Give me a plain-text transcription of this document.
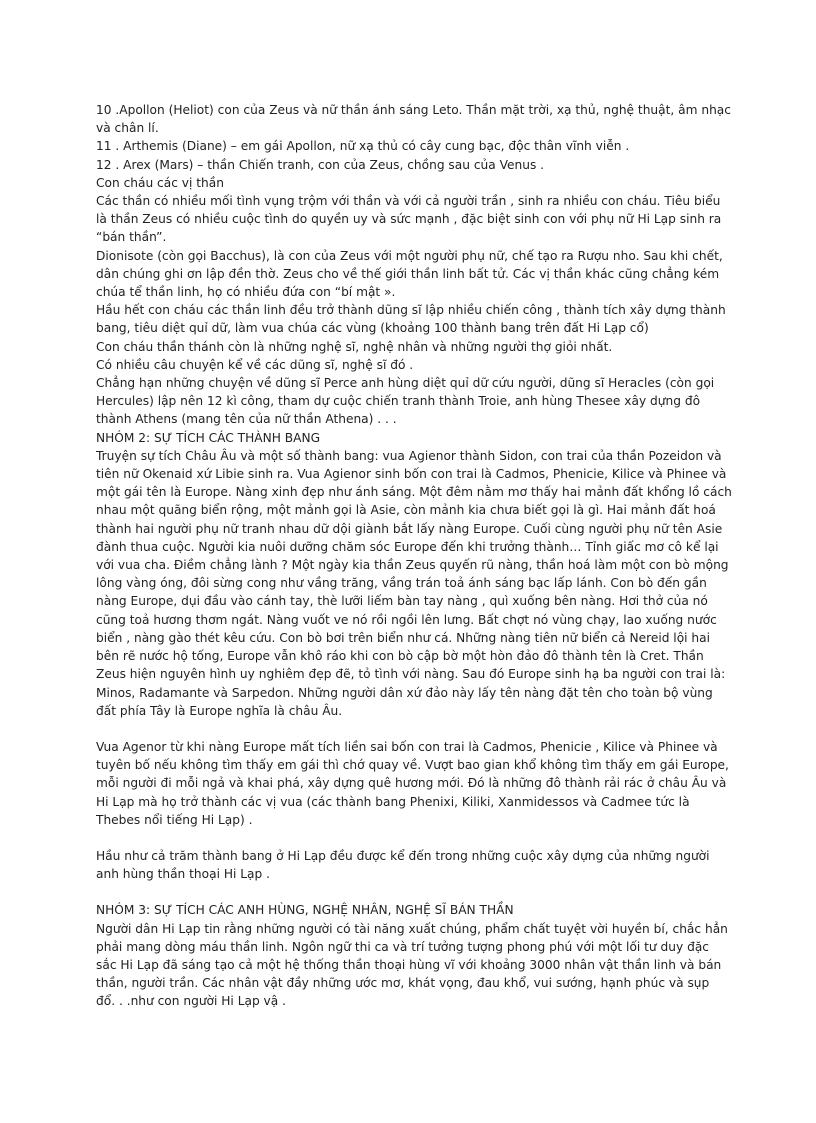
10 .Apollon (Heliot) con của Zeus và nữ thần ánh sáng Leto. Thần mặt trời, xạ thủ, nghệ thuật, âm nhạc và chân lí.

11 . Arthemis (Diane) – em gái Apollon, nữ xạ thủ có cây cung bạc, độc thân vĩnh viễn .

12 . Arex (Mars) – thần Chiến tranh, con của Zeus, chồng sau của Venus .

Con cháu các vị thần

Các thần có nhiều mối tình vụng trộm với thần và với cả người trần , sinh ra nhiều con cháu. Tiêu biểu là thần Zeus có nhiều cuộc tình do quyền uy và sức mạnh , đặc biệt sinh con với phụ nữ Hi Lạp sinh ra “bán thần”.

Dionisote (còn gọi Bacchus), là con của Zeus với một người phụ nữ, chế tạo ra Rượu nho. Sau khi chết, dân chúng ghi ơn lập đền thờ. Zeus cho về thế giới thần linh bất tử. Các vị thần khác cũng chẳng kém chúa tể thần linh, họ có nhiều đứa con “bí mật ».

Hầu hết con cháu các thần linh đều trở thành dũng sĩ lập nhiều chiến công , thành tích xây dựng thành bang, tiêu diệt quỉ dữ, làm vua chúa các vùng (khoảng 100 thành bang trên đất Hi Lạp cổ)

Con cháu thần thánh còn là những nghệ sĩ, nghệ nhân và những người thợ giỏi nhất.

Có nhiều câu chuyện kể về các dũng sĩ, nghệ sĩ đó .

Chẳng hạn những chuyện về dũng sĩ Perce anh hùng diệt quỉ dữ cứu người, dũng sĩ Heracles (còn gọi Hercules) lập nên 12 kì công, tham dự cuộc chiến tranh thành Troie, anh hùng Thesee xây dựng đô thành Athens (mang tên của nữ thần Athena) . . .

NHÓM 2: SỰ TÍCH CÁC THÀNH BANG

Truyện sự tích Châu Âu và một số thành bang: vua Agienor thành Sidon, con trai của thần Pozeidon và tiên nữ Okenaid xứ Libie sinh ra. Vua Agienor sinh bốn con trai là Cadmos, Phenicie, Kilice và Phinee và một gái tên là Europe. Nàng xinh đẹp như ánh sáng. Một đêm nằm mơ thấy hai mảnh đất khổng lồ cách nhau một quãng biển rộng, một mảnh gọi là Asie, còn mảnh kia chưa biết gọi là gì. Hai mảnh đất hoá thành hai người phụ nữ tranh nhau dữ dội giành bắt lấy nàng Europe. Cuối cùng người phụ nữ tên Asie đành thua cuộc. Người kia nuôi dưỡng chăm sóc Europe đến khi trưởng thành… Tỉnh giấc mơ cô kể lại với vua cha. Điềm chẳng lành ? Một ngày kia thần Zeus quyến rũ nàng, thần hoá làm một con bò mộng lông vàng óng, đôi sừng cong như vầng trăng, vầng trán toả ánh sáng bạc lấp lánh. Con bò đến gần nàng Europe, dụi đầu vào cánh tay, thè lưỡi liếm bàn tay nàng , quì xuống bên nàng. Hơi thở của nó cũng toả hương thơm ngát. Nàng vuốt ve nó rồi ngồi lên lưng. Bất chợt nó vùng chạy, lao xuống nước biển , nàng gào thét kêu cứu. Con bò bơi trên biển như cá. Những nàng tiên nữ biển cả Nereid lội hai bên rẽ nước hộ tống, Europe vẫn khô ráo khi con bò cập bờ một hòn đảo đô thành tên là Cret. Thần Zeus hiện nguyên hình uy nghiêm đẹp đẽ, tỏ tình với nàng. Sau đó Europe sinh hạ ba người con trai là: Minos, Radamante và Sarpedon. Những người dân xứ đảo này lấy tên nàng đặt tên cho toàn bộ vùng đất phía Tây là Europe nghĩa là châu Âu.

Vua Agenor từ khi nàng Europe mất tích liền sai bốn con trai là Cadmos, Phenicie , Kilice và Phinee và tuyên bố nếu không tìm thấy em gái thì chớ quay về. Vượt bao gian khổ không tìm thấy em gái Europe, mỗi người đi mỗi ngả và khai phá, xây dựng quê hương mới. Đó là những đô thành rải rác ở châu Âu và Hi Lạp mà họ trở thành các vị vua (các thành bang Phenixi, Kiliki, Xanmidessos và Cadmee tức là Thebes nổi tiếng Hi Lạp) .

Hầu như cả trăm thành bang ở Hi Lạp đều được kể đến trong những cuộc xây dựng của những người anh hùng thần thoại Hi Lạp .

NHÓM 3: SỰ TÍCH CÁC ANH HÙNG, NGHỆ NHÂN, NGHỆ SĨ BÁN THẦN

Người dân Hi Lạp tin rằng những người có tài năng xuất chúng, phẩm chất tuyệt vời huyền bí, chắc hẳn phải mang dòng máu thần linh. Ngôn ngữ thi ca và trí tưởng tượng phong phú với một lối tư duy đặc sắc Hi Lạp đã sáng tạo cả một hệ thống thần thoại hùng vĩ với khoảng 3000 nhân vật thần linh và bán thần, người trần. Các nhân vật đầy những ước mơ, khát vọng, đau khổ, vui sướng, hạnh phúc và sụp đổ. . .như con người Hi Lạp vậ .
